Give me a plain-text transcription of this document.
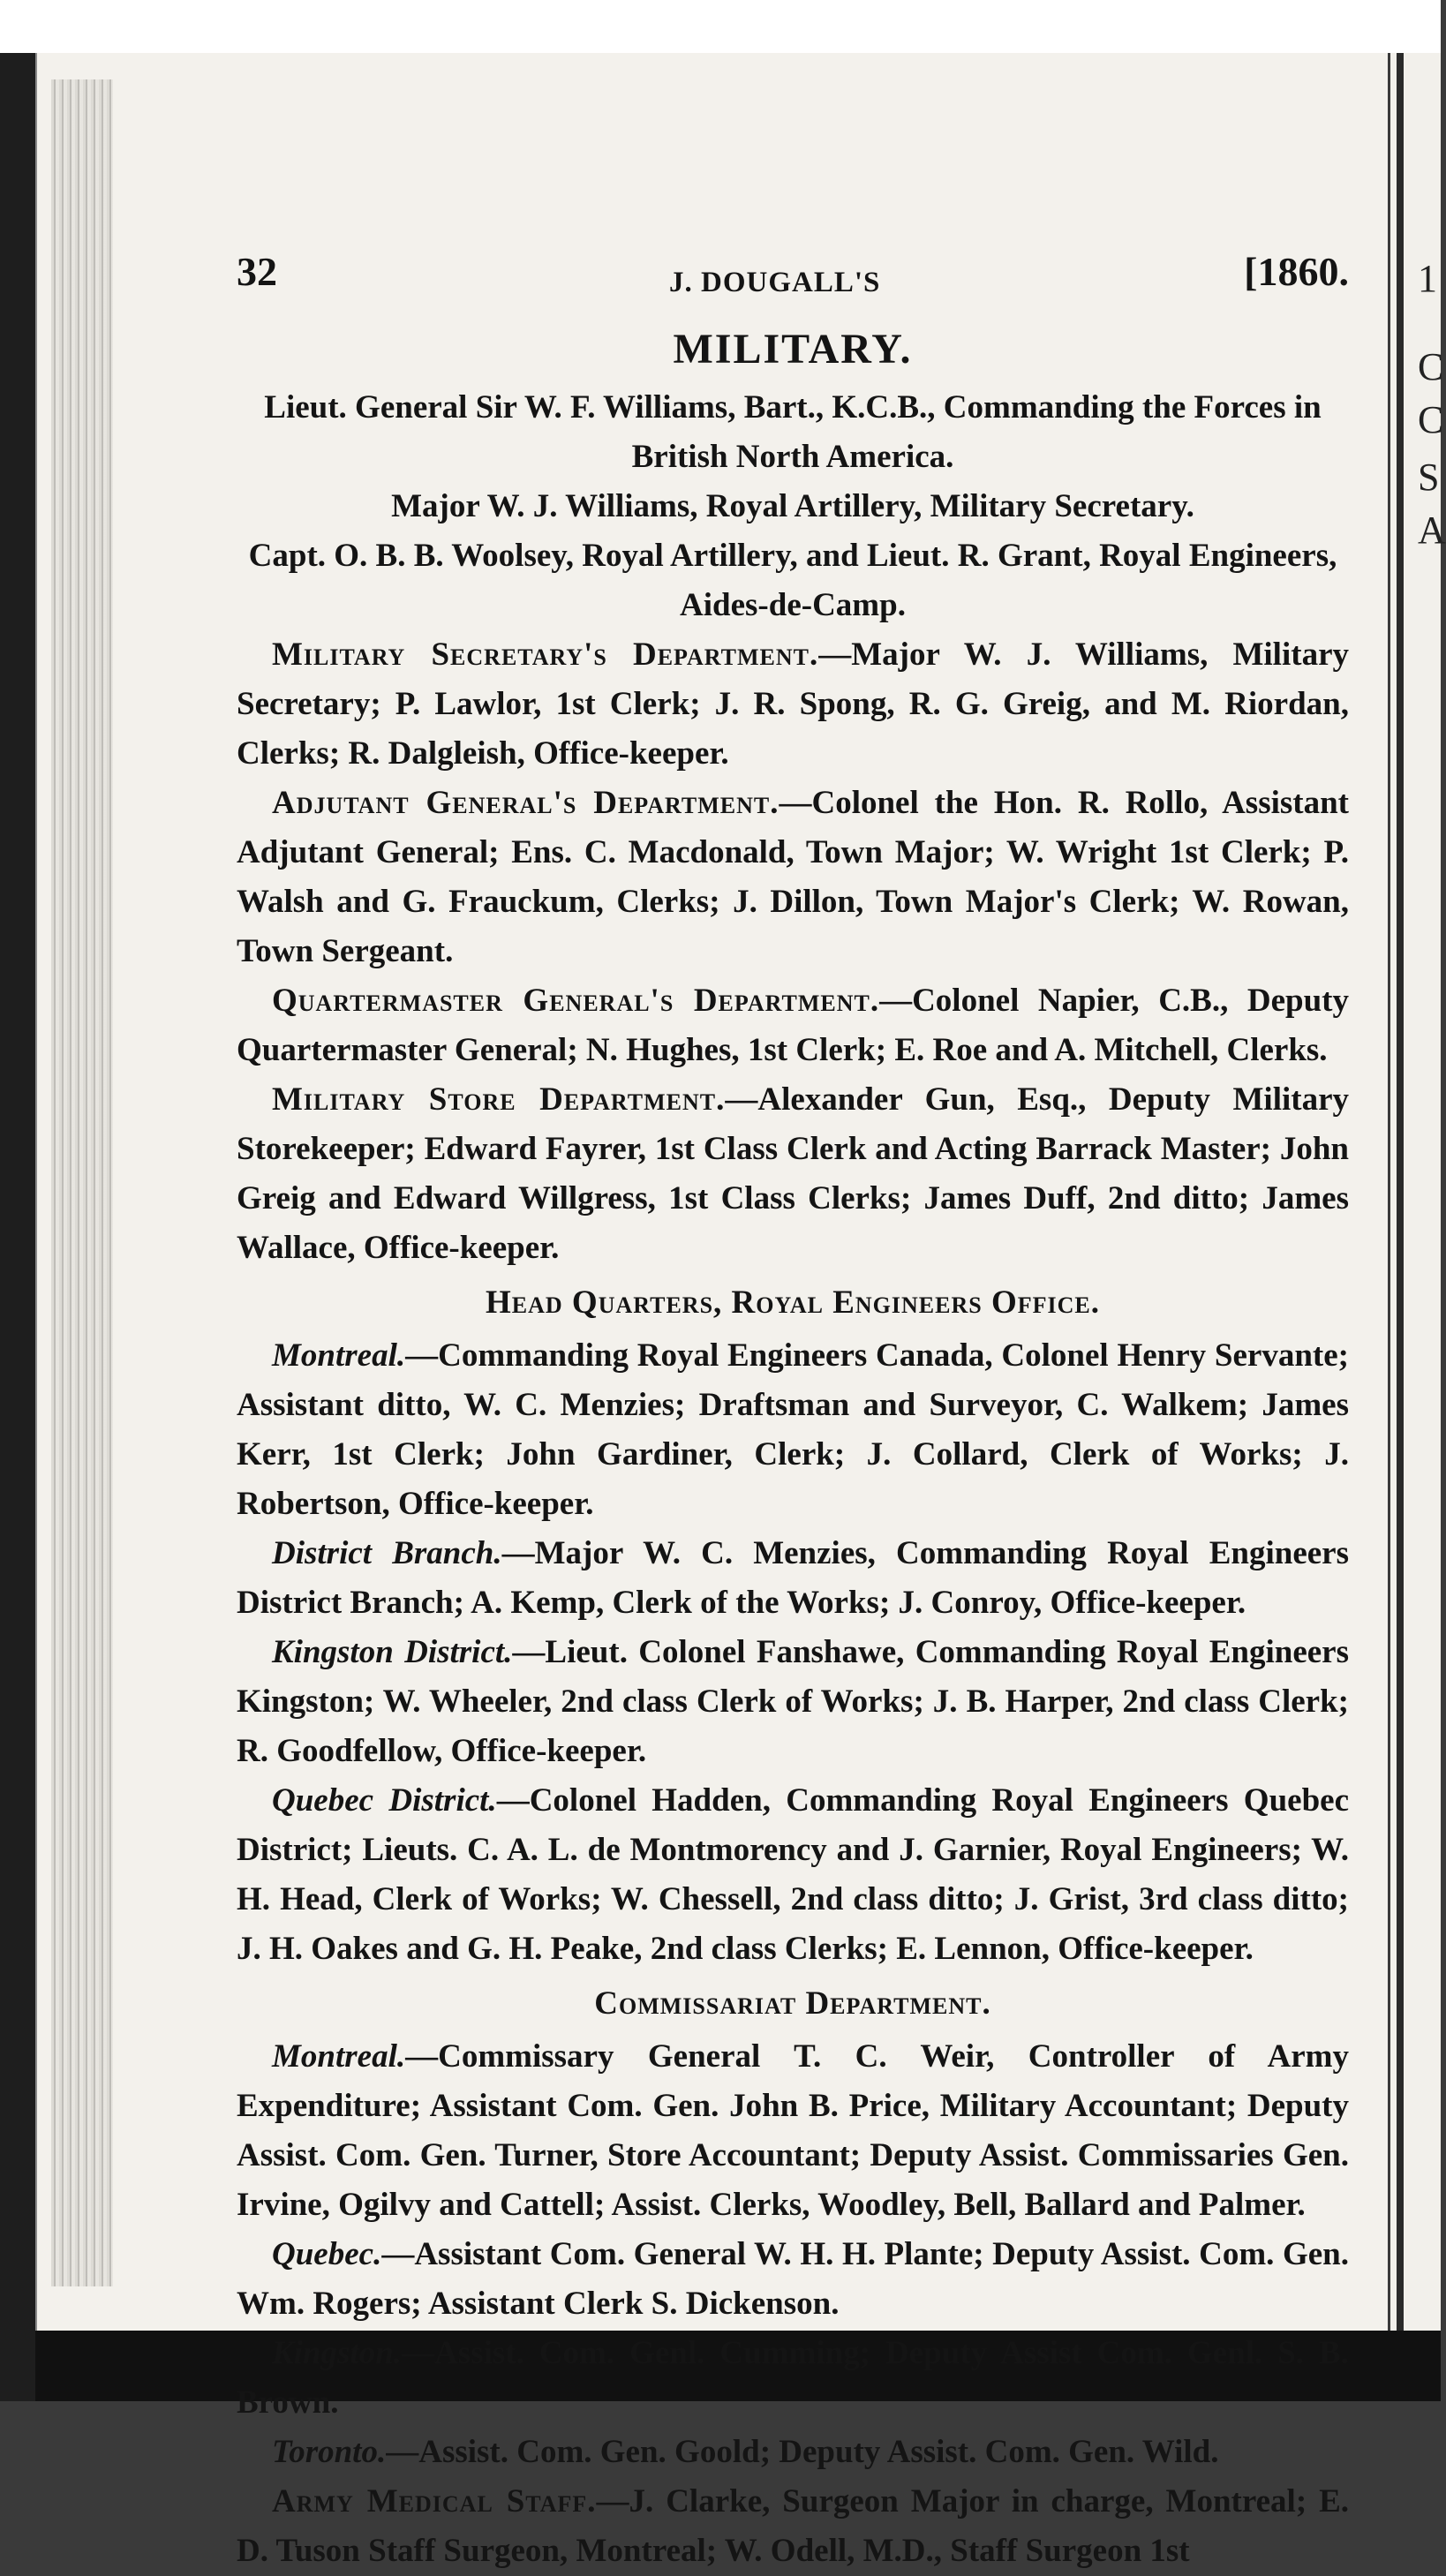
1
C
C
S
A
32	J. DOUGALL'S	[1860.
MILITARY.

Lieut. General Sir W. F. Williams, Bart., K.C.B., Commanding the Forces in British North America.

Major W. J. Williams, Royal Artillery, Military Secretary.

Capt. O. B. B. Woolsey, Royal Artillery, and Lieut. R. Grant, Royal Engineers, Aides-de-Camp.

Military Secretary's Department.—Major W. J. Williams, Military Secretary; P. Lawlor, 1st Clerk; J. R. Spong, R. G. Greig, and M. Riordan, Clerks; R. Dalgleish, Office-keeper.

Adjutant General's Department.—Colonel the Hon. R. Rollo, Assistant Adjutant General; Ens. C. Macdonald, Town Major; W. Wright 1st Clerk; P. Walsh and G. Frauckum, Clerks; J. Dillon, Town Major's Clerk; W. Rowan, Town Sergeant.

Quartermaster General's Department.—Colonel Napier, C.B., Deputy Quartermaster General; N. Hughes, 1st Clerk; E. Roe and A. Mitchell, Clerks.

Military Store Department.—Alexander Gun, Esq., Deputy Military Storekeeper; Edward Fayrer, 1st Class Clerk and Acting Barrack Master; John Greig and Edward Willgress, 1st Class Clerks; James Duff, 2nd ditto; James Wallace, Office-keeper.

Head Quarters, Royal Engineers Office.

Montreal.—Commanding Royal Engineers Canada, Colonel Henry Servante; Assistant ditto, W. C. Menzies; Draftsman and Surveyor, C. Walkem; James Kerr, 1st Clerk; John Gardiner, Clerk; J. Collard, Clerk of Works; J. Robertson, Office-keeper.

District Branch.—Major W. C. Menzies, Commanding Royal Engineers District Branch; A. Kemp, Clerk of the Works; J. Conroy, Office-keeper.

Kingston District.—Lieut. Colonel Fanshawe, Commanding Royal Engineers Kingston; W. Wheeler, 2nd class Clerk of Works; J. B. Harper, 2nd class Clerk; R. Goodfellow, Office-keeper.

Quebec District.—Colonel Hadden, Commanding Royal Engineers Quebec District; Lieuts. C. A. L. de Montmorency and J. Garnier, Royal Engineers; W. H. Head, Clerk of Works; W. Chessell, 2nd class ditto; J. Grist, 3rd class ditto; J. H. Oakes and G. H. Peake, 2nd class Clerks; E. Lennon, Office-keeper.

Commissariat Department.

Montreal.—Commissary General T. C. Weir, Controller of Army Expenditure; Assistant Com. Gen. John B. Price, Military Accountant; Deputy Assist. Com. Gen. Turner, Store Accountant; Deputy Assist. Commissaries Gen. Irvine, Ogilvy and Cattell; Assist. Clerks, Woodley, Bell, Ballard and Palmer.

Quebec.—Assistant Com. General W. H. H. Plante; Deputy Assist. Com. Gen. Wm. Rogers; Assistant Clerk S. Dickenson.

Kingston.—Assist. Com. Genl. Cumming; Deputy Assist Com. Genl. S. B. Brown.

Toronto.—Assist. Com. Gen. Goold; Deputy Assist. Com. Gen. Wild.

Army Medical Staff.—J. Clarke, Surgeon Major in charge, Montreal; E. D. Tuson Staff Surgeon, Montreal; W. Odell, M.D., Staff Surgeon 1st
